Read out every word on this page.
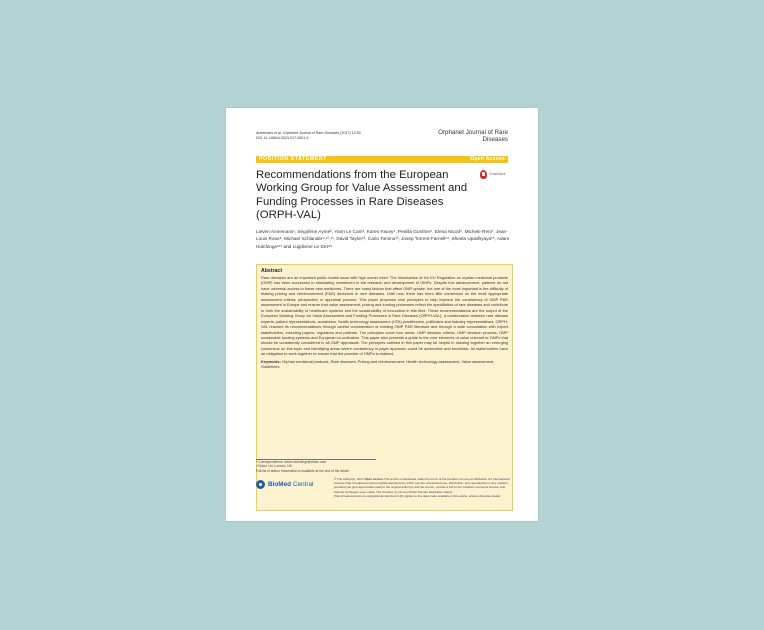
Annemans et al. Orphanet Journal of Rare Diseases (2017) 12:50
DOI 10.1186/s13023-017-0601-9
Orphanet Journal of Rare Diseases
POSITION STATEMENT	Open Access
Recommendations from the European Working Group for Value Assessment and Funding Processes in Rare Diseases (ORPH-VAL)
CrossMark
Lieven Annemans¹, Ségolène Aymé², Yann Le Cam³, Karen Facey⁴, Penilla Gunther⁵, Elena Nicod⁶, Michele Reni⁷, Jean-Louis Roux⁸, Michael Schlander⁹,¹⁰,¹¹, David Taylor¹², Carlo Tomino¹³, Josep Torrent-Farnell¹⁴, Sheela Upadhyaya¹⁵, Adam Hutchings¹⁶* and Lugdivine Le Dez¹⁶
Abstract

Rare diseases are an important public health issue with high unmet need. The introduction of the EU Regulation on orphan medicinal products (OMP) has been successful in stimulating investment in the research and development of OMPs. Despite this advancement, patients do not have universal access to these new medicines. There are many factors that affect OMP uptake, but one of the most important is the difficulty of making pricing and reimbursement (P&R) decisions in rare diseases. Until now, there has been little consensus on the most appropriate assessment criteria, perspective or appraisal process. This paper proposes nine principles to help improve the consistency of OMP P&R assessment in Europe and ensure that value assessment, pricing and funding processes reflect the specificities of rare diseases and contribute to both the sustainability of healthcare systems and the sustainability of innovation in this field. These recommendations are the output of the European Working Group for Value Assessment and Funding Processes in Rare Diseases (ORPH-VAL), a collaboration between rare disease experts, patient representatives, academics, health technology assessment (HTA) practitioners, politicians and industry representatives. ORPH-VAL reached its recommendations through careful consideration of existing OMP P&R literature and through a wide consultation with expert stakeholders, including payers, regulators and patients. The principles cover four areas: OMP decision criteria, OMP decision process, OMP sustainable funding systems and European co-ordination. This paper also presents a guide to the core elements of value relevant to OMPs that should be consistently considered in all OMP appraisals. The principles outlined in this paper may be helpful in drawing together an emerging consensus on this topic and identifying areas where consistency in payer approach could be achievable and beneficial. All stakeholders have an obligation to work together to ensure that the promise of OMPs is realized.

Keywords: Orphan medicinal products, Rare diseases, Pricing and reimbursement, Health technology assessment, Value assessment, Guidelines

* Correspondence: adam.hutchings@dolon.com
¹⁶Dolon Ltd, London, UK
Full list of author information is available at the end of the article
BioMed Central
© The Author(s). 2017 Open Access This article is distributed under the terms of the Creative Commons Attribution 4.0 International License (http://creativecommons.org/licenses/by/4.0/), which permits unrestricted use, distribution, and reproduction in any medium, provided you give appropriate credit to the original author(s) and the source, provide a link to the Creative Commons license, and indicate if changes were made. The Creative Commons Public Domain Dedication waiver (http://creativecommons.org/publicdomain/zero/1.0/) applies to the data made available in this article, unless otherwise stated.
